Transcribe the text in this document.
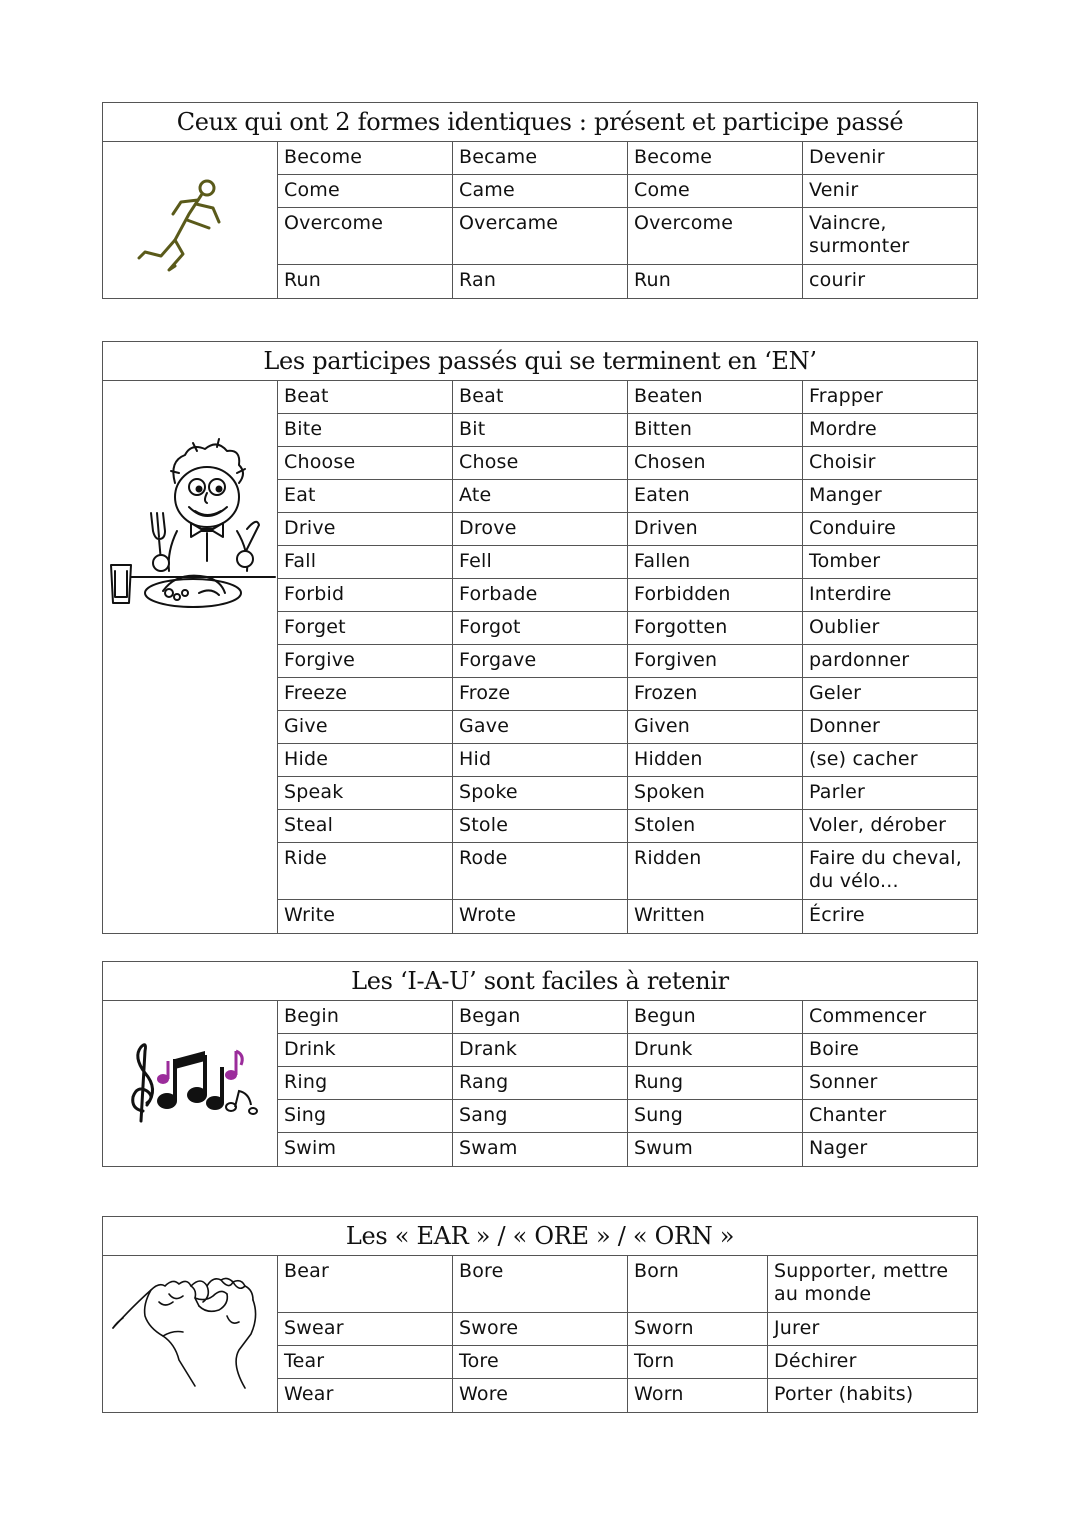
Ceux qui ont 2 formes identiques : présent et participe passé
Become	Became	Become	Devenir
Come	Came	Come	Venir
Overcome	Overcame	Overcome	Vaincre,
surmonter
Run	Ran	Run	courir
Les participes passés qui se terminent en ‘EN’
Beat	Beat	Beaten	Frapper
Bite	Bit	Bitten	Mordre
Choose	Chose	Chosen	Choisir
Eat	Ate	Eaten	Manger
Drive	Drove	Driven	Conduire
Fall	Fell	Fallen	Tomber
Forbid	Forbade	Forbidden	Interdire
Forget	Forgot	Forgotten	Oublier
Forgive	Forgave	Forgiven	pardonner
Freeze	Froze	Frozen	Geler
Give	Gave	Given	Donner
Hide	Hid	Hidden	(se) cacher
Speak	Spoke	Spoken	Parler
Steal	Stole	Stolen	Voler, dérober
Ride	Rode	Ridden	Faire du cheval,
du vélo...
Write	Wrote	Written	Écrire
Les ‘I-A-U’ sont faciles à retenir
Begin	Began	Begun	Commencer
Drink	Drank	Drunk	Boire
Ring	Rang	Rung	Sonner
Sing	Sang	Sung	Chanter
Swim	Swam	Swum	Nager
Les « EAR » / « ORE » / « ORN »
Bear	Bore	Born	Supporter, mettre
au monde
Swear	Swore	Sworn	Jurer
Tear	Tore	Torn	Déchirer
Wear	Wore	Worn	Porter (habits)
